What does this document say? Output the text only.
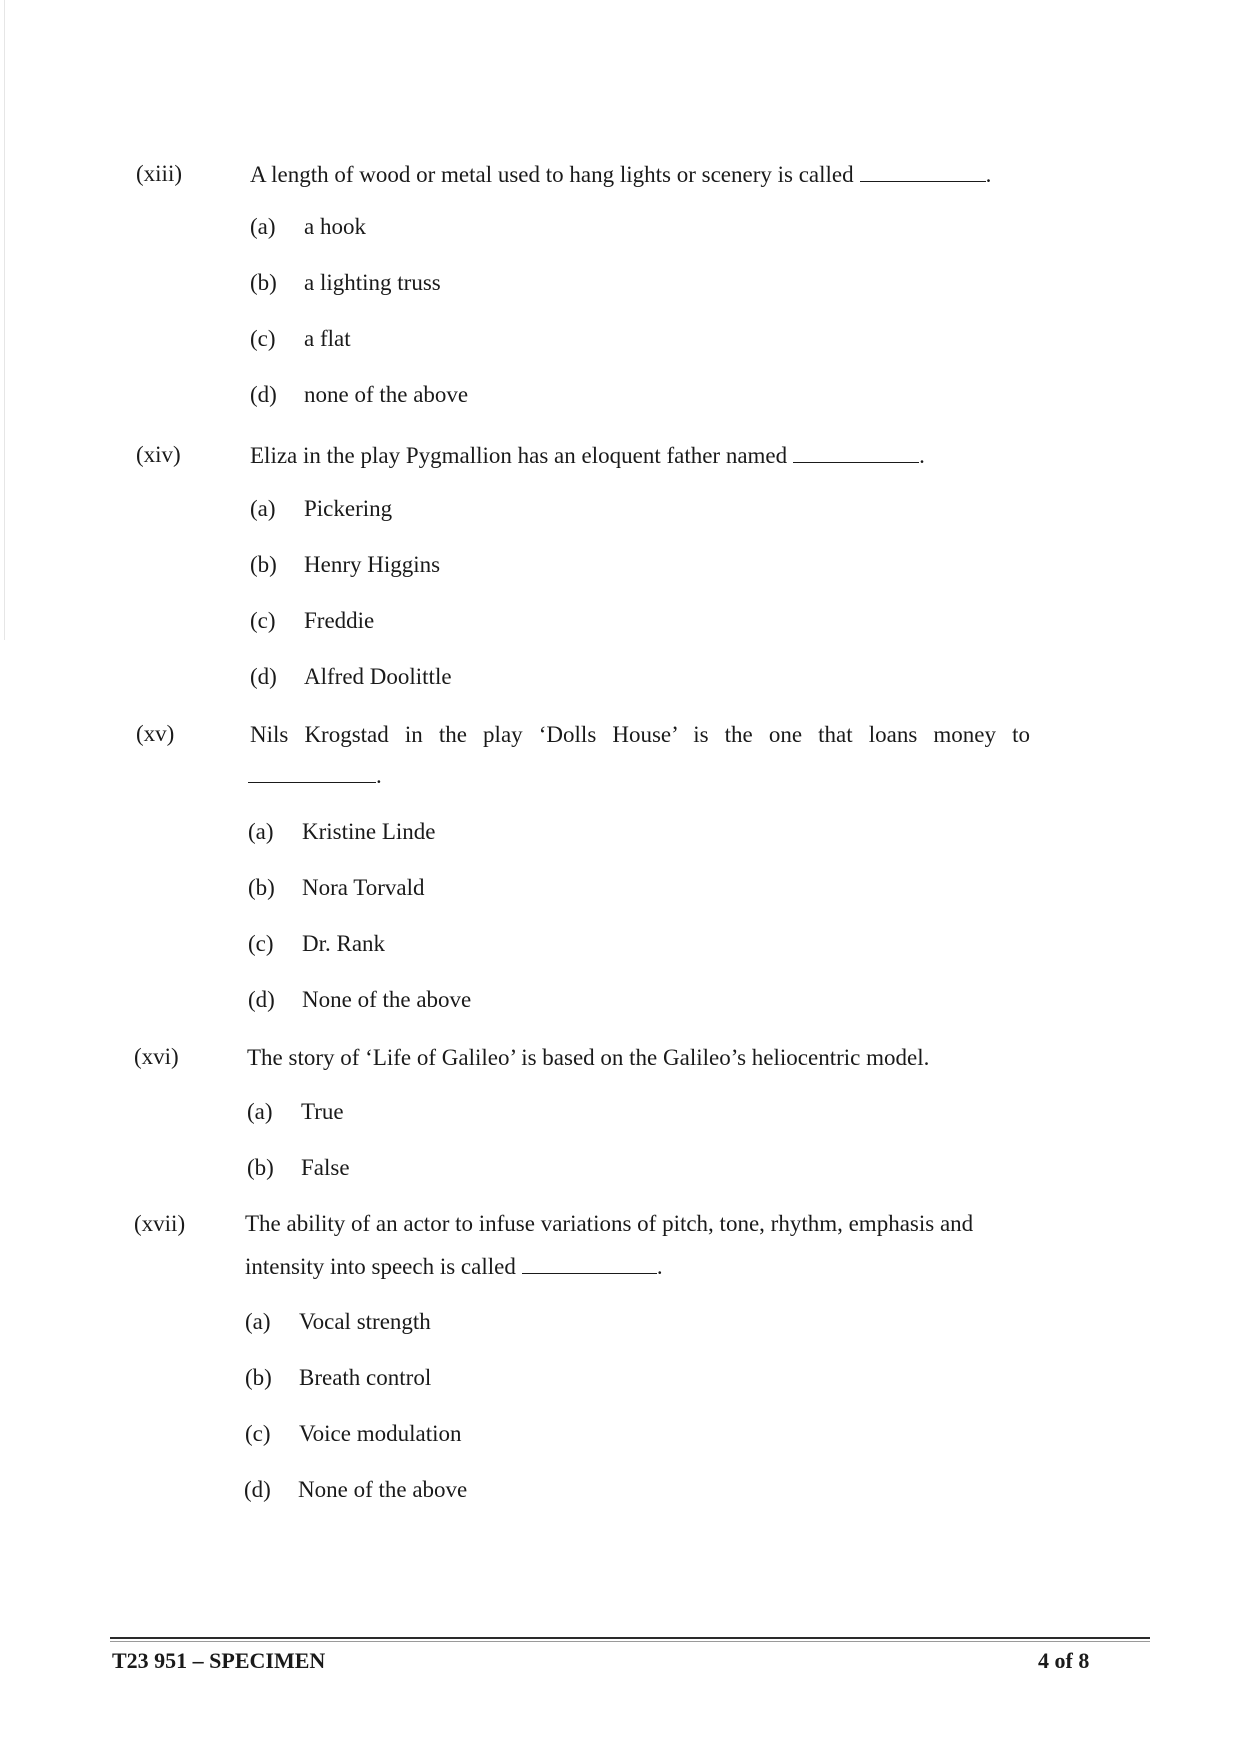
(xiii)	A length of wood or metal used to hang lights or scenery is called	.
(a) a hook
(b) a lighting truss
(c) a flat
(d) none of the above
(xiv)	Eliza in the play Pygmallion has an eloquent father named	.
(a) Pickering
(b) Henry Higgins
(c) Freddie
(d) Alfred Doolittle
(xv)	Nils Krogstad in the play ‘Dolls House’ is the one that loans money to
.
(a) Kristine Linde
(b) Nora Torvald
(c) Dr. Rank
(d) None of the above
(xvi)	The story of ‘Life of Galileo’ is based on the Galileo’s heliocentric model.
(a) True
(b) False
(xvii)	The ability of an actor to infuse variations of pitch, tone, rhythm, emphasis and
intensity into speech is called	.
(a) Vocal strength
(b) Breath control
(c) Voice modulation
(d) None of the above
T23 951 – SPECIMEN	4 of 8
